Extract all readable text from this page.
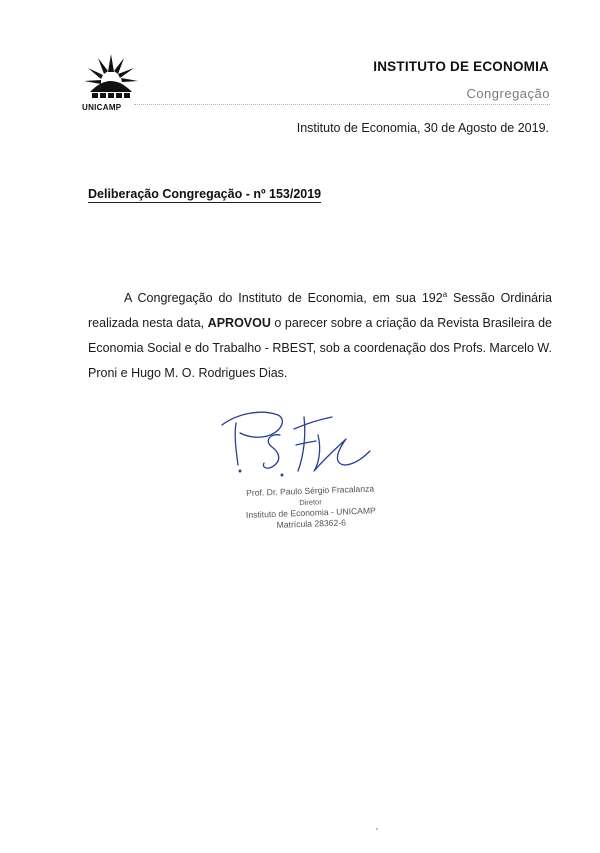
UNICAMP
INSTITUTO DE ECONOMIA
Congregação
Instituto de Economia, 30 de Agosto de 2019.
Deliberação Congregação - nº 153/2019

A Congregação do Instituto de Economia, em sua 192$^a$ Sessão Ordinária realizada nesta data, APROVOU o parecer sobre a criação da Revista Brasileira de Economia Social e do Trabalho - RBEST, sob a coordenação dos Profs. Marcelo W. Proni e Hugo M. O. Rodrigues Dias.

Prof. Dr. Paulo Sérgio Fracalanza
Diretor
Instituto de Economia - UNICAMP
Matrícula 28362-6
